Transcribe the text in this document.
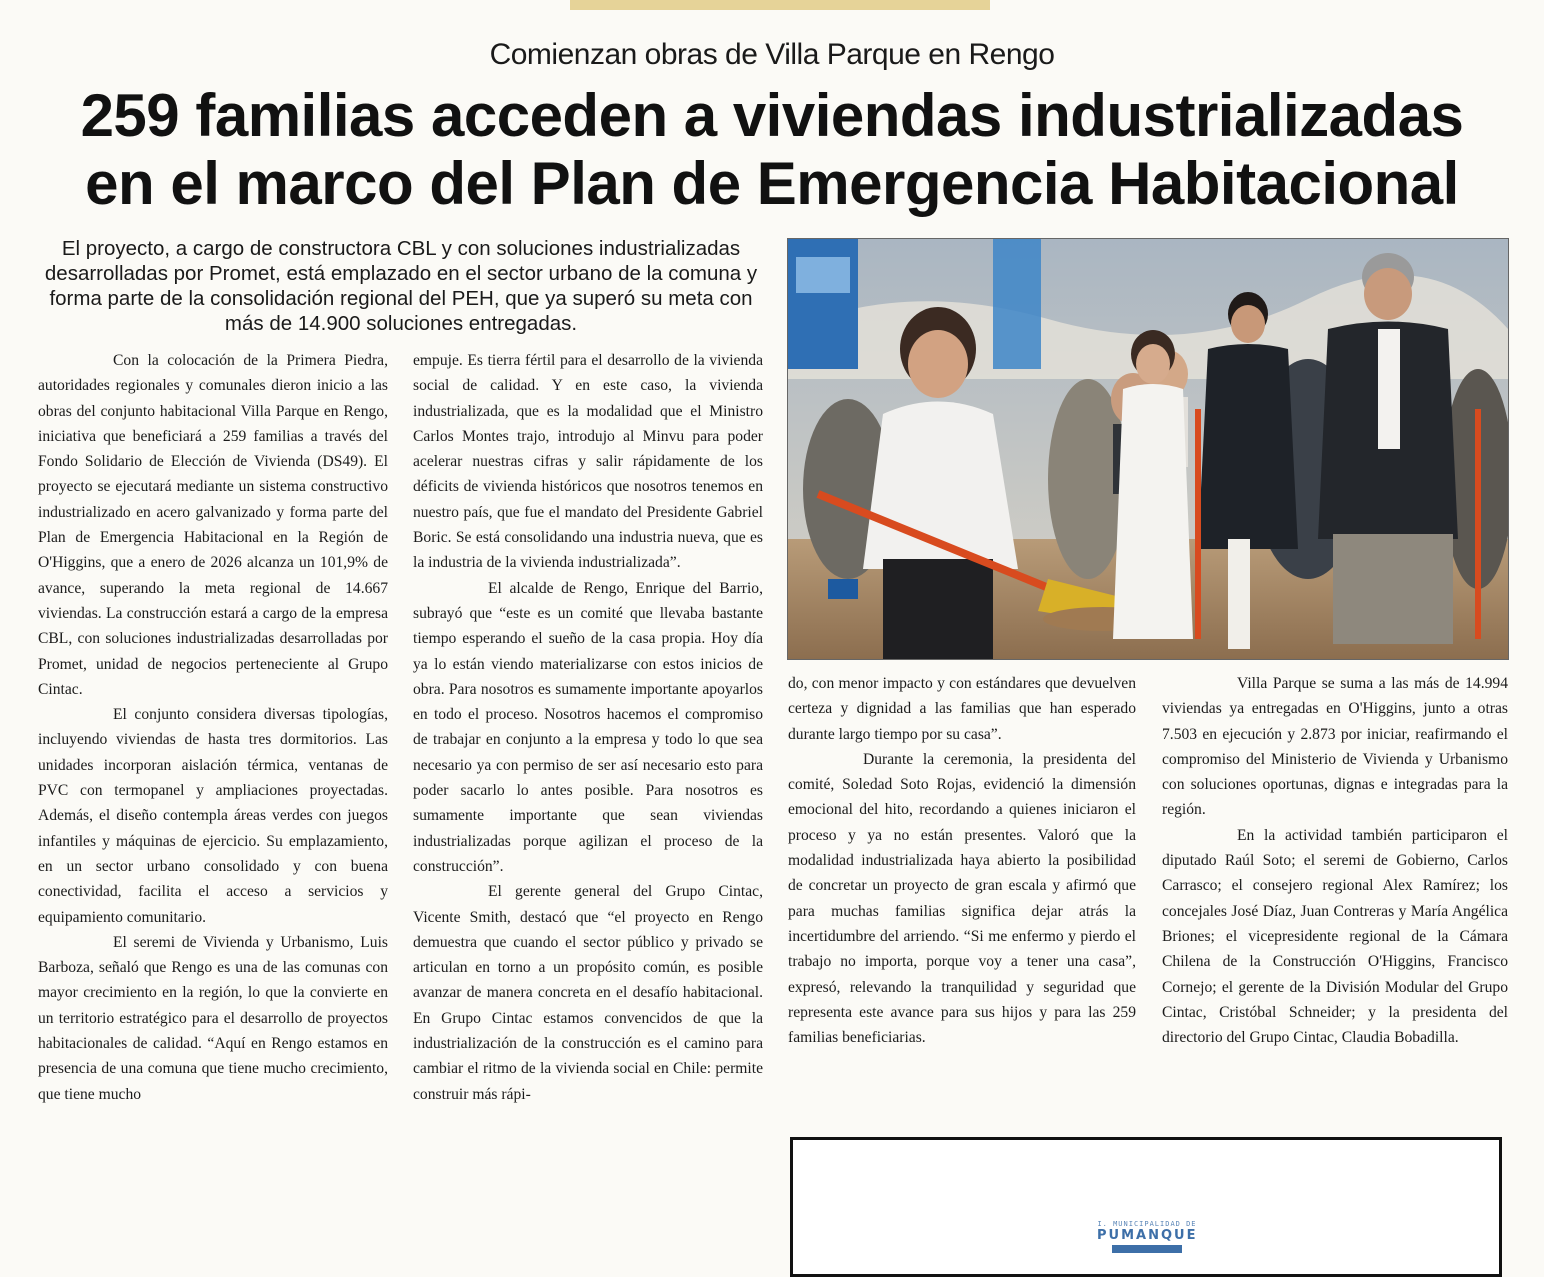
Comienzan obras de Villa Parque en Rengo
259 familias acceden a viviendas industrializadas
en el marco del Plan de Emergencia Habitacional
El proyecto, a cargo de constructora CBL y con soluciones industrializadas
desarrolladas por Promet, está emplazado en el sector urbano de la comuna y
forma parte de la consolidación regional del PEH, que ya superó su meta con
más de 14.900 soluciones entregadas.

Con la colocación de la Primera Piedra, autoridades regionales y comunales dieron inicio a las obras del conjunto habitacional Villa Parque en Rengo, iniciativa que beneficiará a 259 familias a través del Fondo Solidario de Elección de Vivienda (DS49). El proyecto se ejecutará mediante un sistema constructivo industrializado en acero galvanizado y forma parte del Plan de Emergencia Habitacional en la Región de O'Higgins, que a enero de 2026 alcanza un 101,9% de avance, superando la meta regional de 14.667 viviendas. La construcción estará a cargo de la empresa CBL, con soluciones industrializadas desarrolladas por Promet, unidad de negocios perteneciente al Grupo Cintac.

El conjunto considera diversas tipologías, incluyendo viviendas de hasta tres dormitorios. Las unidades incorporan aislación térmica, ventanas de PVC con termopanel y ampliaciones proyectadas. Además, el diseño contempla áreas verdes con juegos infantiles y máquinas de ejercicio. Su emplazamiento, en un sector urbano consolidado y con buena conectividad, facilita el acceso a servicios y equipamiento comunitario.

El seremi de Vivienda y Urbanismo, Luis Barboza, señaló que Rengo es una de las comunas con mayor crecimiento en la región, lo que la convierte en un territorio estratégico para el desarrollo de proyectos habitacionales de calidad. “Aquí en Rengo estamos en presencia de una comuna que tiene mucho crecimiento, que tiene mucho

empuje. Es tierra fértil para el desarrollo de la vivienda social de calidad. Y en este caso, la vivienda industrializada, que es la modalidad que el Ministro Carlos Montes trajo, introdujo al Minvu para poder acelerar nuestras cifras y salir rápidamente de los déficits de vivienda históricos que nosotros tenemos en nuestro país, que fue el mandato del Presidente Gabriel Boric. Se está consolidando una industria nueva, que es la industria de la vivienda industrializada”.

El alcalde de Rengo, Enrique del Barrio, subrayó que “este es un comité que llevaba bastante tiempo esperando el sueño de la casa propia. Hoy día ya lo están viendo materializarse con estos inicios de obra. Para nosotros es sumamente importante apoyarlos en todo el proceso. Nosotros hacemos el compromiso de trabajar en conjunto a la empresa y todo lo que sea necesario ya con permiso de ser así necesario esto para poder sacarlo lo antes posible. Para nosotros es sumamente importante que sean viviendas industrializadas porque agilizan el proceso de la construcción”.

El gerente general del Grupo Cintac, Vicente Smith, destacó que “el proyecto en Rengo demuestra que cuando el sector público y privado se articulan en torno a un propósito común, es posible avanzar de manera concreta en el desafío habitacional. En Grupo Cintac estamos convencidos de que la industrialización de la construcción es el camino para cambiar el ritmo de la vivienda social en Chile: permite construir más rápi-

do, con menor impacto y con estándares que devuelven certeza y dignidad a las familias que han esperado durante largo tiempo por su casa”.

Durante la ceremonia, la presidenta del comité, Soledad Soto Rojas, evidenció la dimensión emocional del hito, recordando a quienes iniciaron el proceso y ya no están presentes. Valoró que la modalidad industrializada haya abierto la posibilidad de concretar un proyecto de gran escala y afirmó que para muchas familias significa dejar atrás la incertidumbre del arriendo. “Si me enfermo y pierdo el trabajo no importa, porque voy a tener una casa”, expresó, relevando la tranquilidad y seguridad que representa este avance para sus hijos y para las 259 familias beneficiarias.

Villa Parque se suma a las más de 14.994 viviendas ya entregadas en O'Higgins, junto a otras 7.503 en ejecución y 2.873 por iniciar, reafirmando el compromiso del Ministerio de Vivienda y Urbanismo con soluciones oportunas, dignas e integradas para la región.

En la actividad también participaron el diputado Raúl Soto; el seremi de Gobierno, Carlos Carrasco; el consejero regional Alex Ramírez; los concejales José Díaz, Juan Contreras y María Angélica Briones; el vicepresidente regional de la Cámara Chilena de la Construcción O'Higgins, Francisco Cornejo; el gerente de la División Modular del Grupo Cintac, Cristóbal Schneider; y la presidenta del directorio del Grupo Cintac, Claudia Bobadilla.

I. MUNICIPALIDAD DE
PUMANQUE
